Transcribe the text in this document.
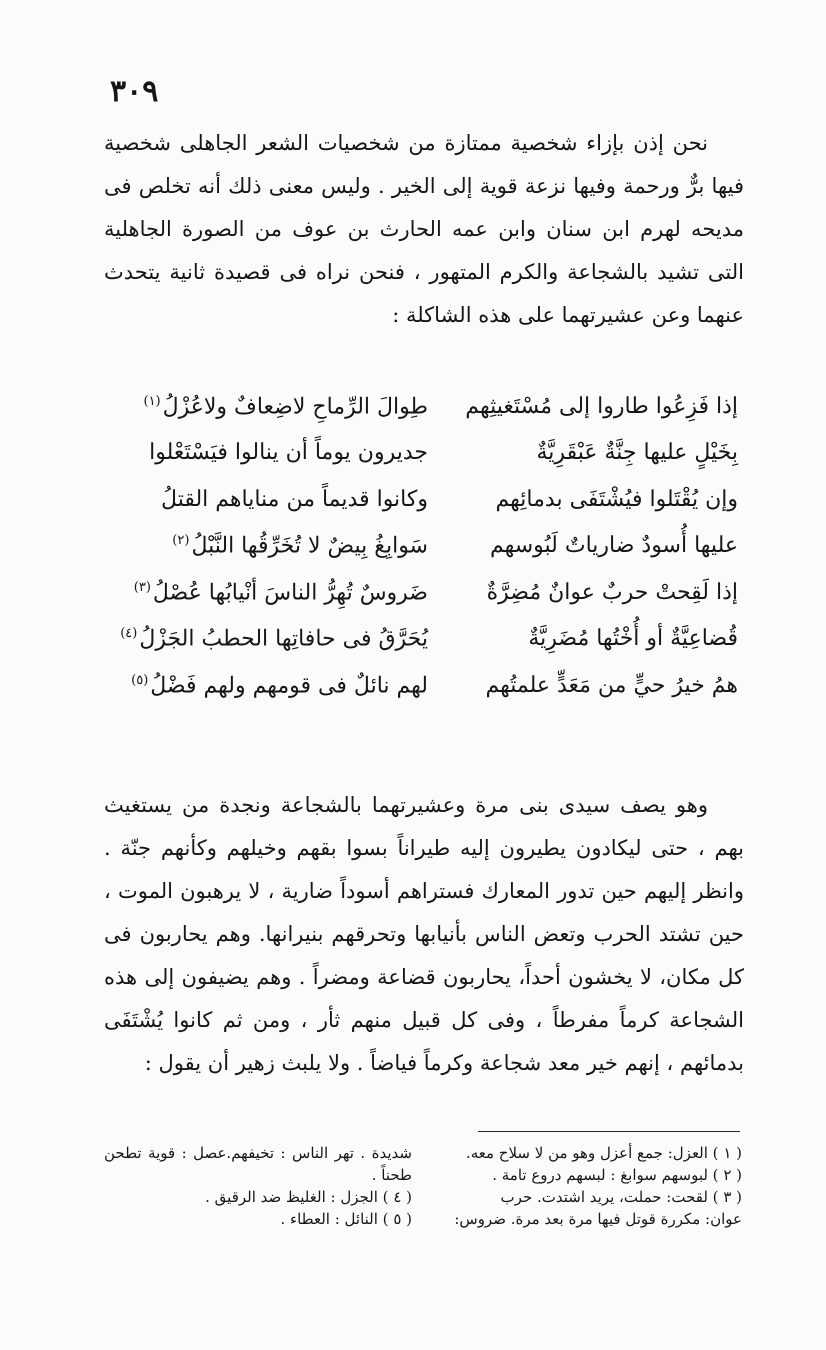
٣٠٩

نحن إذن بإزاء شخصية ممتازة من شخصيات الشعر الجاهلى شخصية فيها برٌّ ورحمة وفيها نزعة قوية إلى الخير . وليس معنى ذلك أنه تخلص فى مديحه لهرم ابن سنان وابن عمه الحارث بن عوف من الصورة الجاهلية التى تشيد بالشجاعة والكرم المتهور ، فنحن نراه فى قصيدة ثانية يتحدث عنهما وعن عشيرتهما على هذه الشاكلة :

إذا فَزِعُوا طاروا إلى مُسْتَغيثِهم
طِوالَ الرِّماحِ لاضِعافٌ ولاعُزْلُ$^{(١)}$
بِخَيْلٍ عليها جِنَّةٌ عَبْقَرِيَّةٌ
جديرون يوماً أن ينالوا فيَسْتَعْلوا
وإن يُقْتَلوا فيُشْتَفَى بدمائِهم
وكانوا قديماً من مناياهم القتلُ
عليها أُسودٌ ضارياتٌ لَبُوسهم
سَوابِغُ بِيضٌ لا تُخَرِّقُها النَّبْلُ$^{(٢)}$
إذا لَقِحتْ حربٌ عوانٌ مُضِرَّةٌ
ضَروسٌ تُهِرُّ الناسَ أنْيابُها عُصْلُ$^{(٣)}$
قُضاعِيَّةٌ أو أُخْتُها مُضَرِيَّةٌ
يُحَرَّقُ فى حافاتِها الحطبُ الجَزْلُ$^{(٤)}$
همُ خيرُ حيٍّ من مَعَدٍّ علمتُهم
لهم نائلٌ فى قومهم ولهم فَضْلُ$^{(٥)}$

وهو يصف سيدى بنى مرة وعشيرتهما بالشجاعة ونجدة من يستغيث بهم ، حتى ليكادون يطيرون إليه طيراناً بسوا بقهم وخيلهم وكأنهم جنّة . وانظر إليهم حين تدور المعارك فستراهم أسوداً ضارية ، لا يرهبون الموت ، حين تشتد الحرب وتعض الناس بأنيابها وتحرقهم بنيرانها. وهم يحاربون فى كل مكان، لا يخشون أحداً، يحاربون قضاعة ومضراً . وهم يضيفون إلى هذه الشجاعة كرماً مفرطاً ، وفى كل قبيل منهم ثأر ، ومن ثم كانوا يُشْتَفَى بدمائهم ، إنهم خير معد شجاعة وكرماً فياضاً . ولا يلبث زهير أن يقول :

( ١ ) العزل: جمع أعزل وهو من لا سلاح معه.
( ٢ ) لبوسهم سوابغ : لبسهم دروع تامة .
( ٣ ) لقحت: حملت، يريد اشتدت. حرب
عوان: مكررة قوتل فيها مرة بعد مرة. ضروس:
شديدة . تهر الناس : تخيفهم.عصل : قوية تطحن طحناً .
( ٤ ) الجزل : الغليظ ضد الرقيق .
( ٥ ) النائل : العطاء .
